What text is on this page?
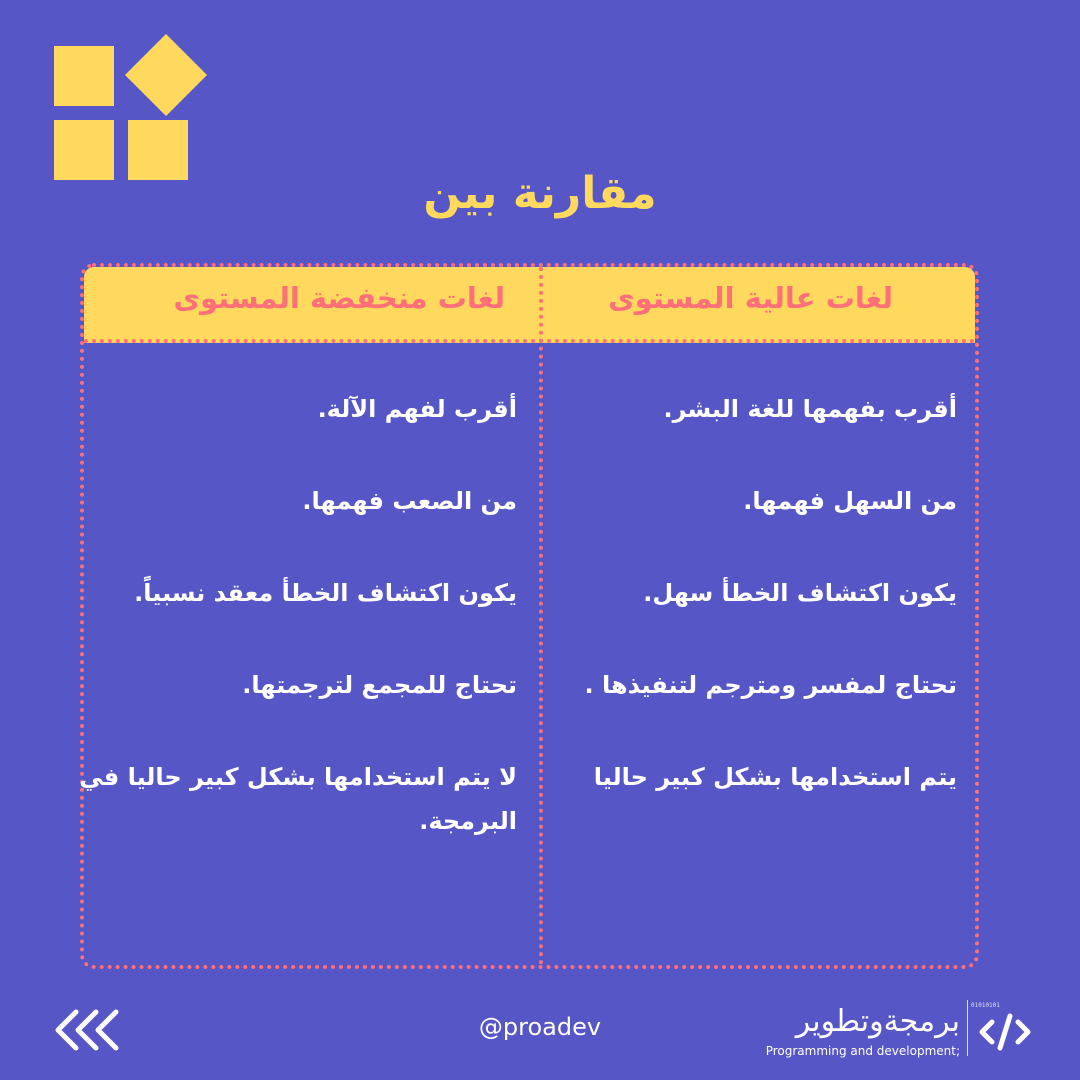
مقارنة بين
لغات عالية المستوى
لغات منخفضة المستوى
أقرب بفهمها للغة البشر.
من السهل فهمها.
يكون اكتشاف الخطأ سهل.
تحتاج لمفسر ومترجم لتنفيذها .
يتم استخدامها بشكل كبير حاليا
أقرب لفهم الآلة.
من الصعب فهمها.
يكون اكتشاف الخطأ معقد نسبياً.
تحتاج للمجمع لترجمتها.
لا يتم استخدامها بشكل كبير حاليا في البرمجة.
@proadev	برمجةوتطوير
Programming and development;
01010101
